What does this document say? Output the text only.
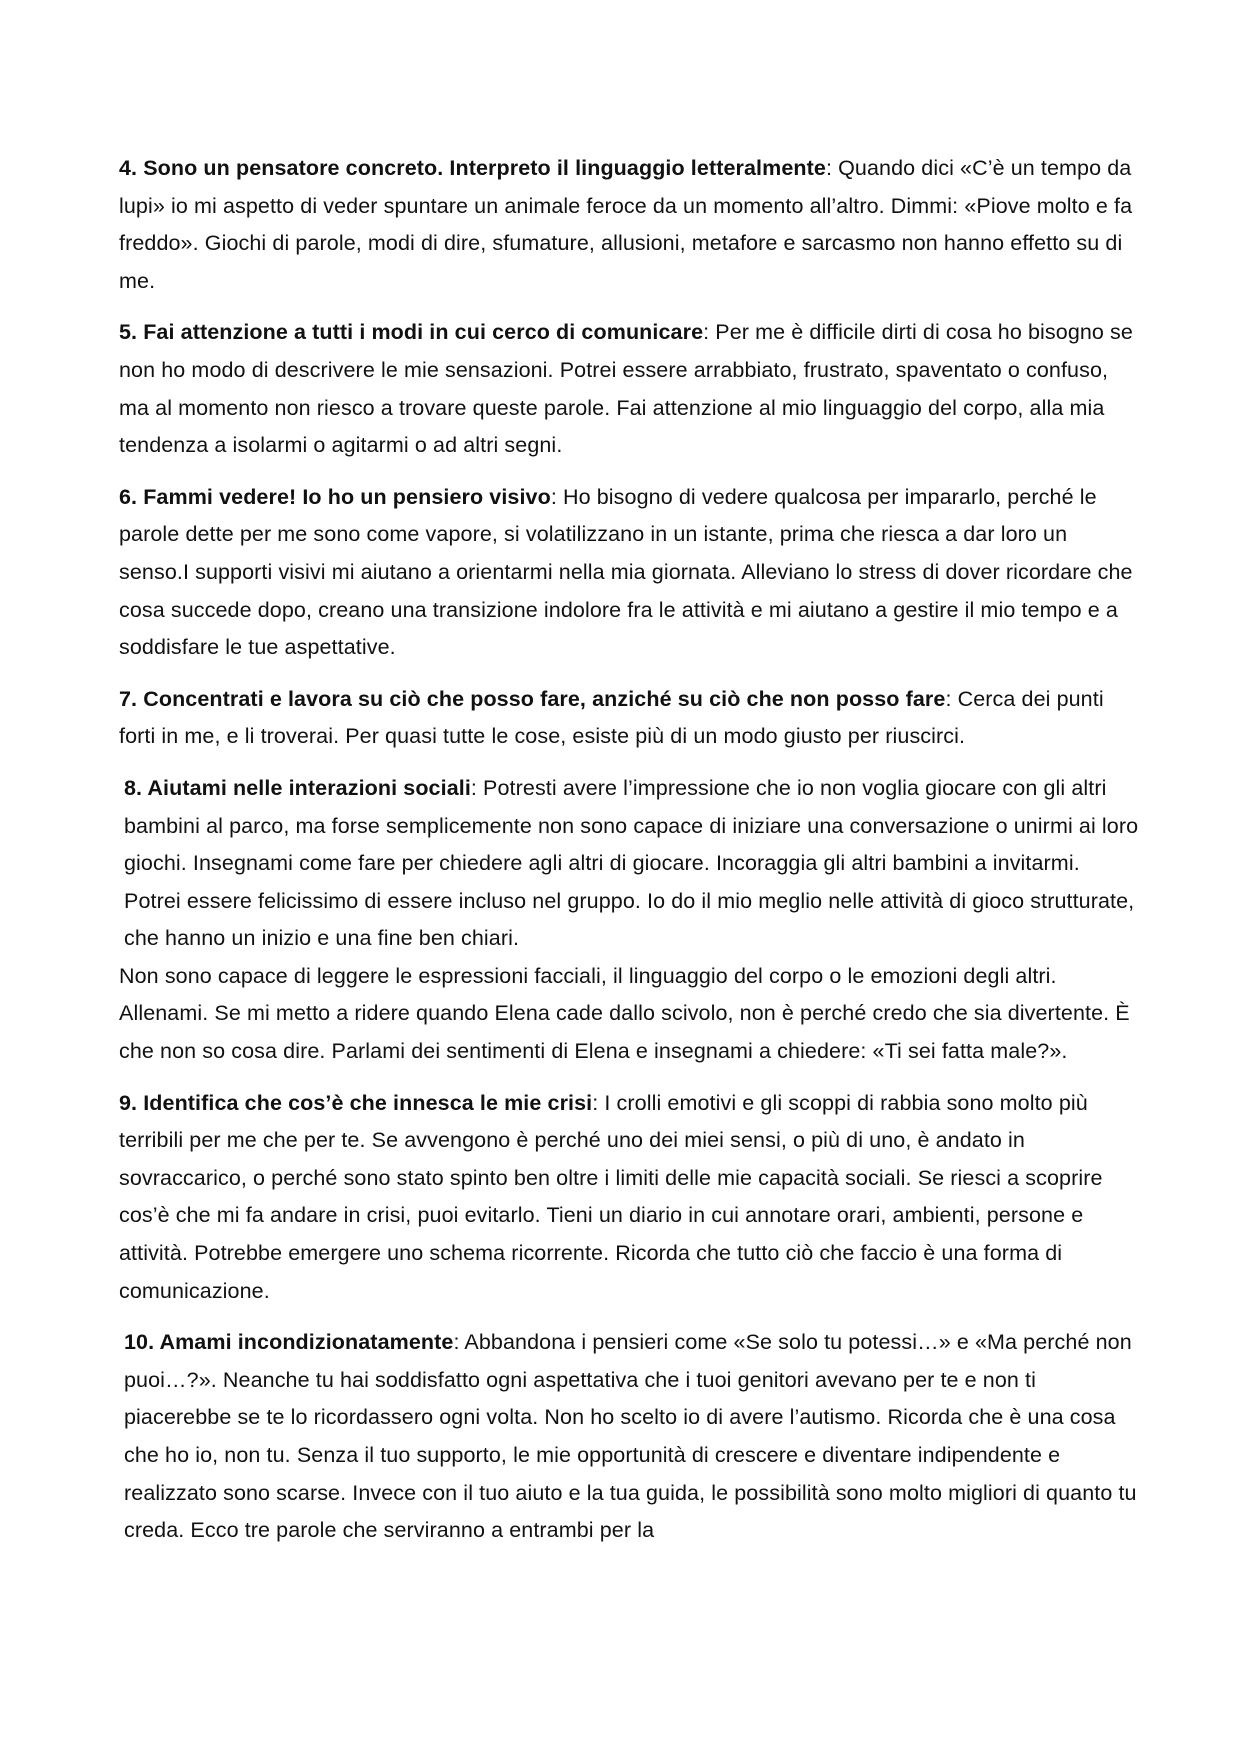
4. Sono un pensatore concreto. Interpreto il linguaggio letteralmente: Quando dici «C’è un tempo da lupi» io mi aspetto di veder spuntare un animale feroce da un momento all’altro. Dimmi: «Piove molto e fa freddo». Giochi di parole, modi di dire, sfumature, allusioni, metafore e sarcasmo non hanno effetto su di me.

5. Fai attenzione a tutti i modi in cui cerco di comunicare: Per me è difficile dirti di cosa ho bisogno se non ho modo di descrivere le mie sensazioni. Potrei essere arrabbiato, frustrato, spaventato o confuso, ma al momento non riesco a trovare queste parole. Fai attenzione al mio linguaggio del corpo, alla mia tendenza a isolarmi o agitarmi o ad altri segni.

6. Fammi vedere! Io ho un pensiero visivo: Ho bisogno di vedere qualcosa per impararlo, perché le parole dette per me sono come vapore, si volatilizzano in un istante, prima che riesca a dar loro un senso.I supporti visivi mi aiutano a orientarmi nella mia giornata. Alleviano lo stress di dover ricordare che cosa succede dopo, creano una transizione indolore fra le attività e mi aiutano a gestire il mio tempo e a soddisfare le tue aspettative.

7. Concentrati e lavora su ciò che posso fare, anziché su ciò che non posso fare: Cerca dei punti forti in me, e li troverai. Per quasi tutte le cose, esiste più di un modo giusto per riuscirci.

8. Aiutami nelle interazioni sociali: Potresti avere l’impressione che io non voglia giocare con gli altri bambini al parco, ma forse semplicemente non sono capace di iniziare una conversazione o unirmi ai loro giochi. Insegnami come fare per chiedere agli altri di giocare. Incoraggia gli altri bambini a invitarmi. Potrei essere felicissimo di essere incluso nel gruppo. Io do il mio meglio nelle attività di gioco strutturate, che hanno un inizio e una fine ben chiari.

Non sono capace di leggere le espressioni facciali, il linguaggio del corpo o le emozioni degli altri. Allenami. Se mi metto a ridere quando Elena cade dallo scivolo, non è perché credo che sia divertente. È che non so cosa dire. Parlami dei sentimenti di Elena e insegnami a chiedere: «Ti sei fatta male?».

9. Identifica che cos’è che innesca le mie crisi: I crolli emotivi e gli scoppi di rabbia sono molto più terribili per me che per te. Se avvengono è perché uno dei miei sensi, o più di uno, è andato in sovraccarico, o perché sono stato spinto ben oltre i limiti delle mie capacità sociali. Se riesci a scoprire cos’è che mi fa andare in crisi, puoi evitarlo. Tieni un diario in cui annotare orari, ambienti, persone e attività. Potrebbe emergere uno schema ricorrente. Ricorda che tutto ciò che faccio è una forma di comunicazione.

10. Amami incondizionatamente: Abbandona i pensieri come «Se solo tu potessi…» e «Ma perché non puoi…?». Neanche tu hai soddisfatto ogni aspettativa che i tuoi genitori avevano per te e non ti piacerebbe se te lo ricordassero ogni volta. Non ho scelto io di avere l’autismo. Ricorda che è una cosa che ho io, non tu. Senza il tuo supporto, le mie opportunità di crescere e diventare indipendente e realizzato sono scarse. Invece con il tuo aiuto e la tua guida, le possibilità sono molto migliori di quanto tu creda. Ecco tre parole che serviranno a entrambi per la
